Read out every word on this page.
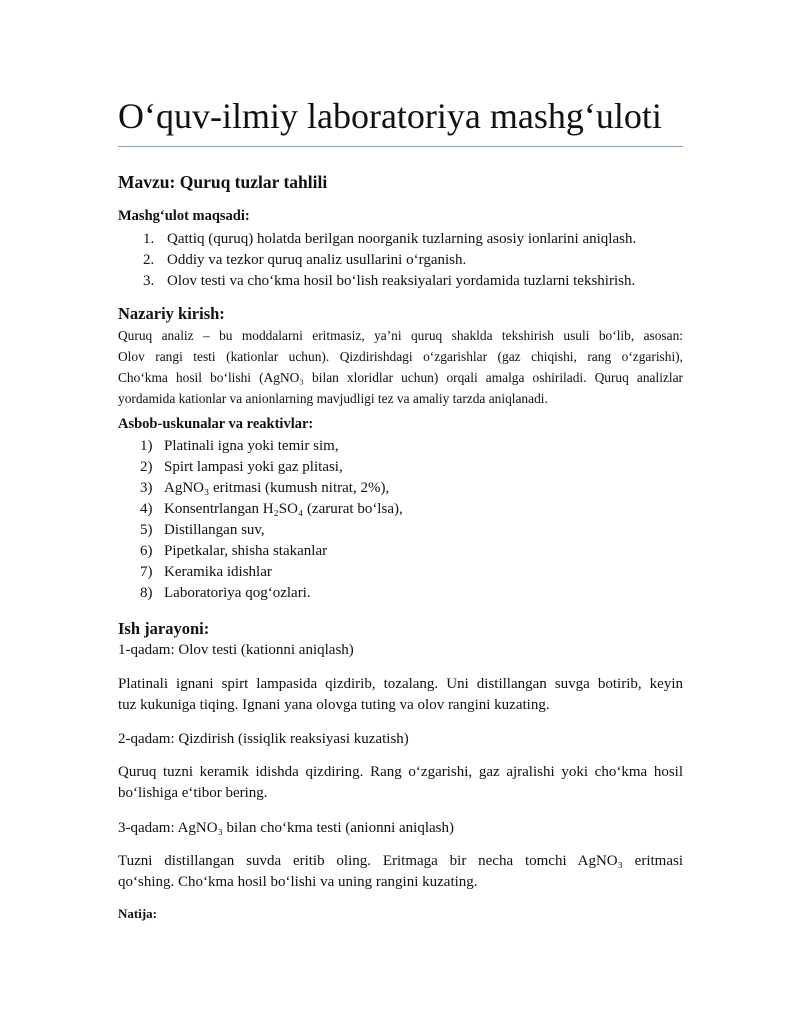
O‘quv-ilmiy laboratoriya mashg‘uloti
Mavzu: Quruq tuzlar tahlili
Mashg‘ulot maqsadi:
1. Qattiq (quruq) holatda berilgan noorganik tuzlarning asosiy ionlarini aniqlash.
2. Oddiy va tezkor quruq analiz usullarini o‘rganish.
3. Olov testi va cho‘kma hosil bo‘lish reaksiyalari yordamida tuzlarni tekshirish.
Nazariy kirish:
Quruq analiz – bu moddalarni eritmasiz, ya’ni quruq shaklda tekshirish usuli bo‘lib, asosan:
Olov rangi testi (kationlar uchun). Qizdirishdagi o‘zgarishlar (gaz chiqishi, rang o‘zgarishi),
Cho‘kma hosil bo‘lishi (AgNO₃ bilan xloridlar uchun) orqali amalga oshiriladi. Quruq analizlar
yordamida kationlar va anionlarning mavjudligi tez va amaliy tarzda aniqlanadi.
Asbob-uskunalar va reaktivlar:
1) Platinali igna yoki temir sim,
2) Spirt lampasi yoki gaz plitasi,
3) AgNO₃ eritmasi (kumush nitrat, 2%),
4) Konsentrlangan H₂SO₄ (zarurat bo‘lsa),
5) Distillangan suv,
6) Pipetkalar, shisha stakanlar
7) Keramika idishlar
8) Laboratoriya qog‘ozlari.
Ish jarayoni:
1-qadam: Olov testi (kationni aniqlash)
Platinali ignani spirt lampasida qizdirib, tozalang. Uni distillangan suvga botirib, keyin
tuz kukuniga tiqing. Ignani yana olovga tuting va olov rangini kuzating.
2-qadam: Qizdirish (issiqlik reaksiyasi kuzatish)
Quruq tuzni keramik idishda qizdiring. Rang o‘zgarishi, gaz ajralishi yoki cho‘kma hosil
bo‘lishiga e‘tibor bering.
3-qadam: AgNO₃ bilan cho‘kma testi (anionni aniqlash)
Tuzni distillangan suvda eritib oling. Eritmaga bir necha tomchi AgNO₃ eritmasi
qo‘shing. Cho‘kma hosil bo‘lishi va uning rangini kuzating.
Natija:
